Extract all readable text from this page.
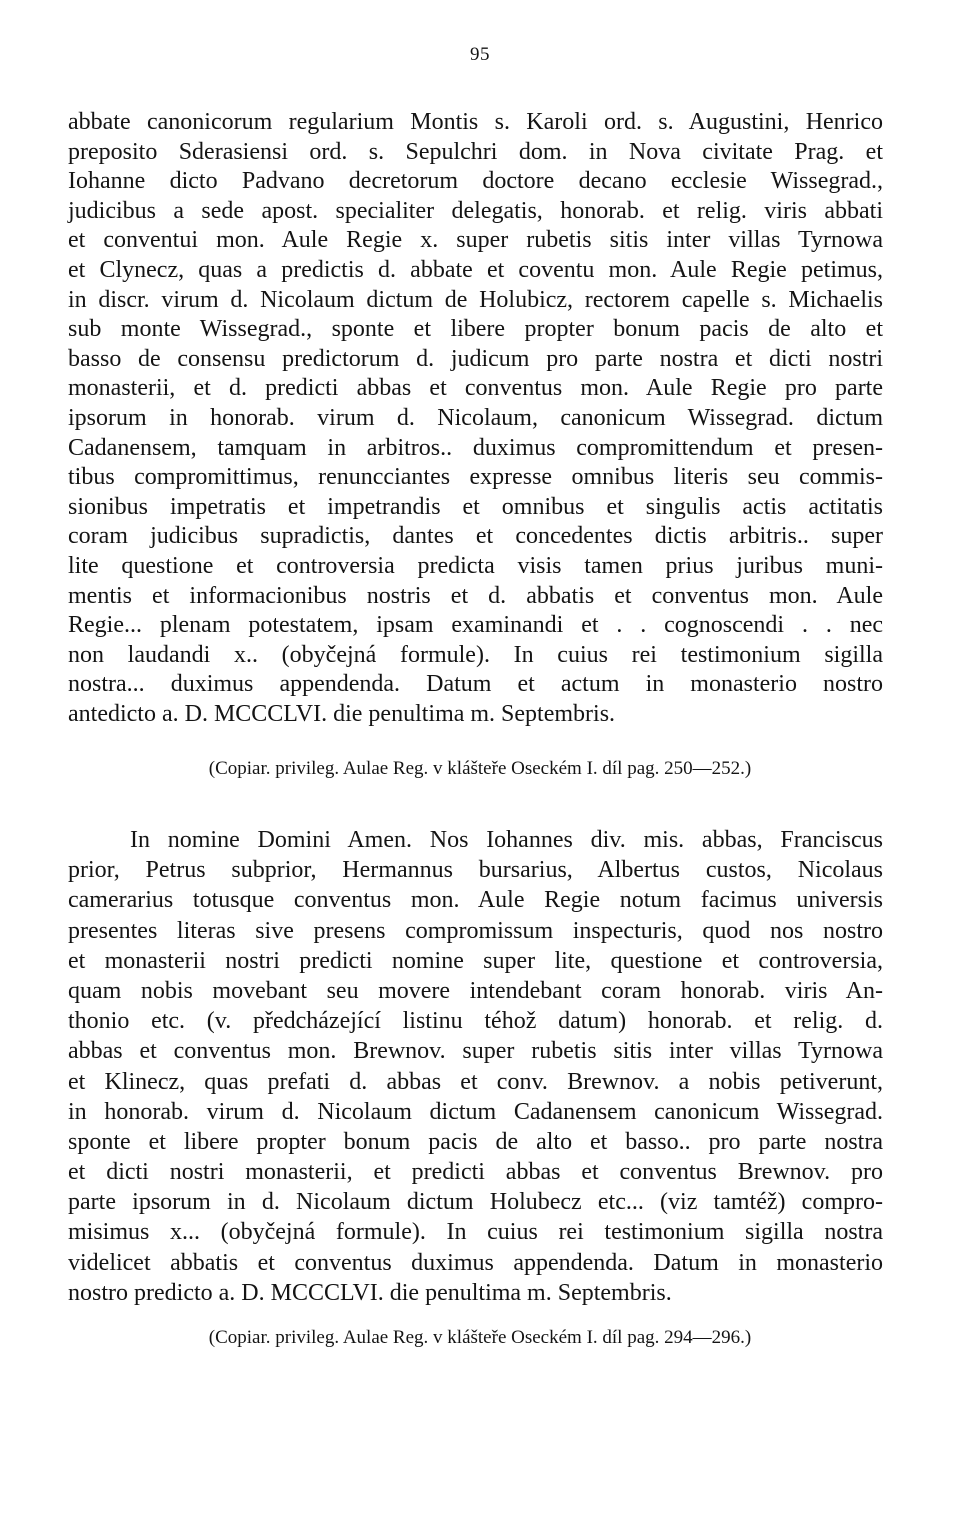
95
abbate canonicorum regularium Montis s. Karoli ord. s. Augustini, Henrico
preposito Sderasiensi ord. s. Sepulchri dom. in Nova civitate Prag. et
Iohanne dicto Padvano decretorum doctore decano ecclesie Wissegrad.,
judicibus a sede apost. specialiter delegatis, honorab. et relig. viris abbati
et conventui mon. Aule Regie x. super rubetis sitis inter villas Tyrnowa
et Clynecz, quas a predictis d. abbate et coventu mon. Aule Regie petimus,
in discr. virum d. Nicolaum dictum de Holubicz, rectorem capelle s. Michaelis
sub monte Wissegrad., sponte et libere propter bonum pacis de alto et
basso de consensu predictorum d. judicum pro parte nostra et dicti nostri
monasterii, et d. predicti abbas et conventus mon. Aule Regie pro parte
ipsorum in honorab. virum d. Nicolaum, canonicum Wissegrad. dictum
Cadanensem, tamquam in arbitros.. duximus compromittendum et presen-
tibus compromittimus, renuncciantes expresse omnibus literis seu commis-
sionibus impetratis et impetrandis et omnibus et singulis actis actitatis
coram judicibus supradictis, dantes et concedentes dictis arbitris.. super
lite questione et controversia predicta visis tamen prius juribus muni-
mentis et informacionibus nostris et d. abbatis et conventus mon. Aule
Regie... plenam potestatem, ipsam examinandi et . . cognoscendi . . nec
non laudandi x.. (obyčejná formule). In cuius rei testimonium sigilla
nostra... duximus appendenda. Datum et actum in monasterio nostro
antedicto a. D. MCCCLVI. die penultima m. Septembris.
(Copiar. privileg. Aulae Reg. v klášteře Oseckém I. díl pag. 250—252.)
In nomine Domini Amen. Nos Iohannes div. mis. abbas, Franciscus
prior, Petrus subprior, Hermannus bursarius, Albertus custos, Nicolaus
camerarius totusque conventus mon. Aule Regie notum facimus universis
presentes literas sive presens compromissum inspecturis, quod nos nostro
et monasterii nostri predicti nomine super lite, questione et controversia,
quam nobis movebant seu movere intendebant coram honorab. viris An-
thonio etc. (v. předcházející listinu téhož datum) honorab. et relig. d.
abbas et conventus mon. Brewnov. super rubetis sitis inter villas Tyrnowa
et Klinecz, quas prefati d. abbas et conv. Brewnov. a nobis petiverunt,
in honorab. virum d. Nicolaum dictum Cadanensem canonicum Wissegrad.
sponte et libere propter bonum pacis de alto et basso.. pro parte nostra
et dicti nostri monasterii, et predicti abbas et conventus Brewnov. pro
parte ipsorum in d. Nicolaum dictum Holubecz etc... (viz tamtéž) compro-
misimus x... (obyčejná formule). In cuius rei testimonium sigilla nostra
videlicet abbatis et conventus duximus appendenda. Datum in monasterio
nostro predicto a. D. MCCCLVI. die penultima m. Septembris.
(Copiar. privileg. Aulae Reg. v klášteře Oseckém I. díl pag. 294—296.)
